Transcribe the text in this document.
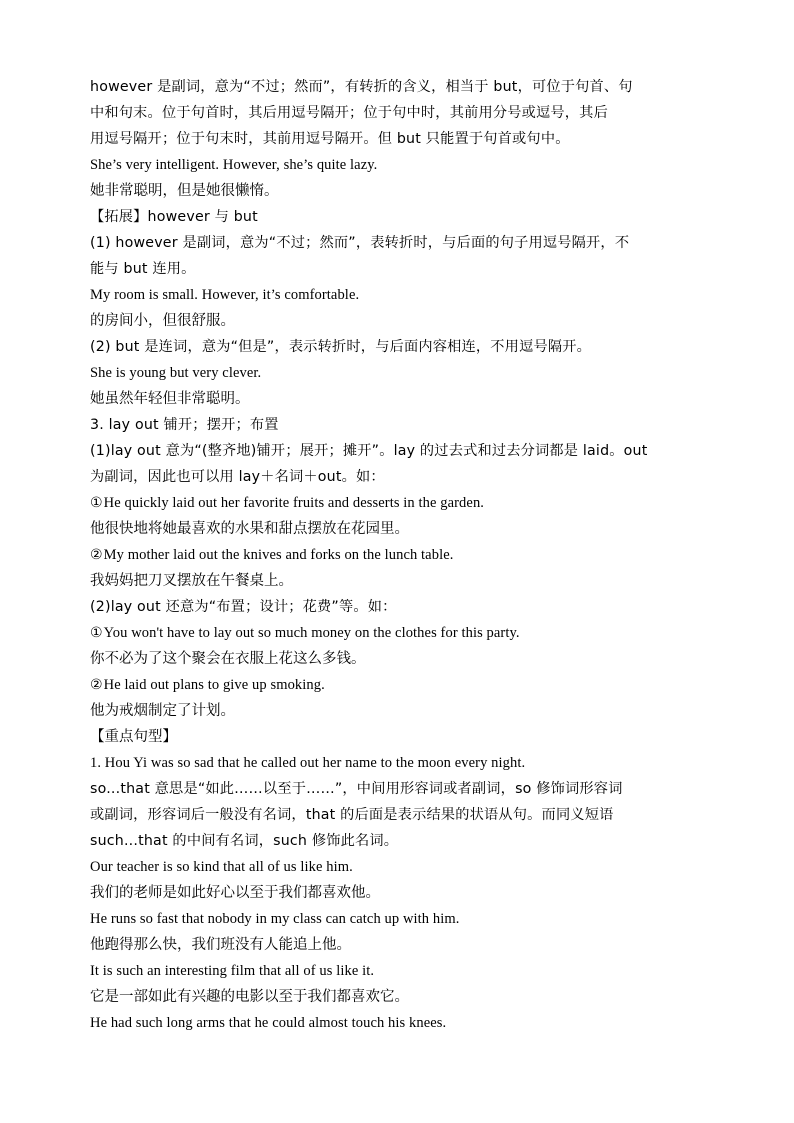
however 是副词，意为“不过；然而”，有转折的含义，相当于 but，可位于句首、句
中和句末。位于句首时，其后用逗号隔开；位于句中时，其前用分号或逗号，其后
用逗号隔开；位于句末时，其前用逗号隔开。但 but 只能置于句首或句中。
She’s very intelligent. However, she’s quite lazy.
她非常聪明，但是她很懒惰。
【拓展】however 与 but
(1) however 是副词，意为“不过；然而”，表转折时，与后面的句子用逗号隔开，不
能与 but 连用。
My room is small. However, it’s comfortable.
的房间小，但很舒服。
(2) but 是连词，意为“但是”，表示转折时，与后面内容相连，不用逗号隔开。
She is young but very clever.
她虽然年轻但非常聪明。
3. lay out 铺开；摆开；布置
(1)lay out 意为“(整齐地)铺开；展开；摊开”。lay 的过去式和过去分词都是 laid。out
为副词，因此也可以用 lay＋名词＋out。如：
①He quickly laid out her favorite fruits and desserts in the garden.
他很快地将她最喜欢的水果和甜点摆放在花园里。
②My mother laid out the knives and forks on the lunch table.
我妈妈把刀叉摆放在午餐桌上。
(2)lay out 还意为“布置；设计；花费”等。如：
①You won't have to lay out so much money on the clothes for this party.
你不必为了这个聚会在衣服上花这么多钱。
②He laid out plans to give up smoking.
他为戒烟制定了计划。
【重点句型】
1. Hou Yi was so sad that he called out her name to the moon every night.
so...that 意思是“如此……以至于……”，中间用形容词或者副词，so 修饰词形容词
或副词，形容词后一般没有名词，that 的后面是表示结果的状语从句。而同义短语
such...that 的中间有名词，such 修饰此名词。
Our teacher is so kind that all of us like him.
我们的老师是如此好心以至于我们都喜欢他。
He runs so fast that nobody in my class can catch up with him.
他跑得那么快，我们班没有人能追上他。
It is such an interesting film that all of us like it.
它是一部如此有兴趣的电影以至于我们都喜欢它。
He had such long arms that he could almost touch his knees.
